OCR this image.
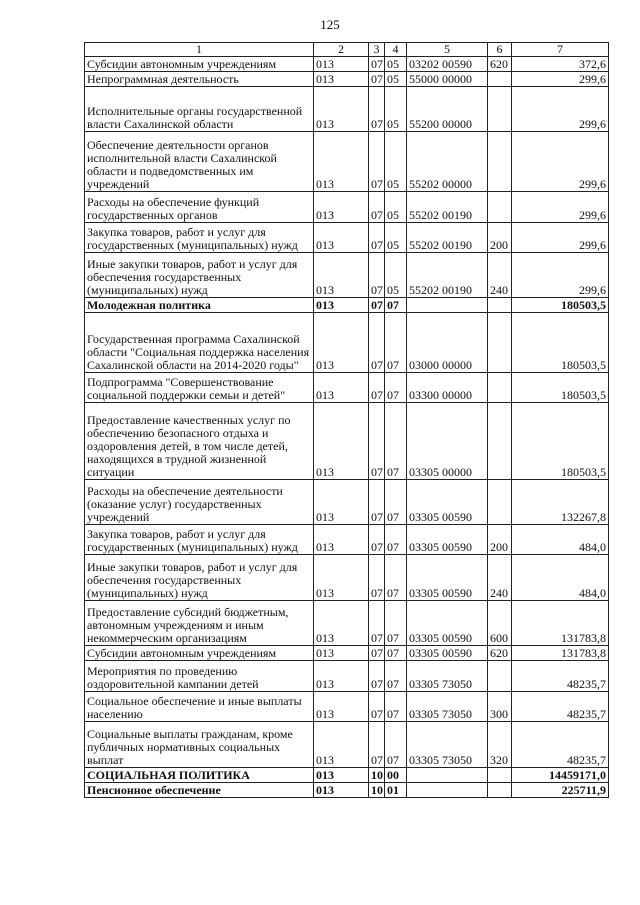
125
1	2	3	4	5	6	7
Субсидии автономным учреждениям	013	07	05	03202 00590	620	372,6
Непрограммная деятельность	013	07	05	55000 00000		299,6
Исполнительные органы государственной власти Сахалинской области	013	07	05	55200 00000		299,6
Обеспечение деятельности органов исполнительной власти Сахалинской области и подведомственных им учреждений	013	07	05	55202 00000		299,6
Расходы на обеспечение функций государственных органов	013	07	05	55202 00190		299,6
Закупка товаров, работ и услуг для государственных (муниципальных) нужд	013	07	05	55202 00190	200	299,6
Иные закупки товаров, работ и услуг для обеспечения государственных (муниципальных) нужд	013	07	05	55202 00190	240	299,6
Молодежная политика	013	07	07			180503,5
Государственная программа Сахалинской области "Социальная поддержка населения Сахалинской области на 2014-2020 годы"	013	07	07	03000 00000		180503,5
Подпрограмма "Совершенствование социальной поддержки семьи и детей"	013	07	07	03300 00000		180503,5
Предоставление качественных услуг по обеспечению безопасного отдыха и оздоровления детей, в том числе детей, находящихся в трудной жизненной ситуации	013	07	07	03305 00000		180503,5
Расходы на обеспечение деятельности (оказание услуг) государственных учреждений	013	07	07	03305 00590		132267,8
Закупка товаров, работ и услуг для государственных (муниципальных) нужд	013	07	07	03305 00590	200	484,0
Иные закупки товаров, работ и услуг для обеспечения государственных (муниципальных) нужд	013	07	07	03305 00590	240	484,0
Предоставление субсидий бюджетным, автономным учреждениям и иным некоммерческим организациям	013	07	07	03305 00590	600	131783,8
Субсидии автономным учреждениям	013	07	07	03305 00590	620	131783,8
Мероприятия по проведению оздоровительной кампании детей	013	07	07	03305 73050		48235,7
Социальное обеспечение и иные выплаты населению	013	07	07	03305 73050	300	48235,7
Социальные выплаты гражданам, кроме публичных нормативных социальных выплат	013	07	07	03305 73050	320	48235,7
СОЦИАЛЬНАЯ ПОЛИТИКА	013	10	00			14459171,0
Пенсионное обеспечение	013	10	01			225711,9
